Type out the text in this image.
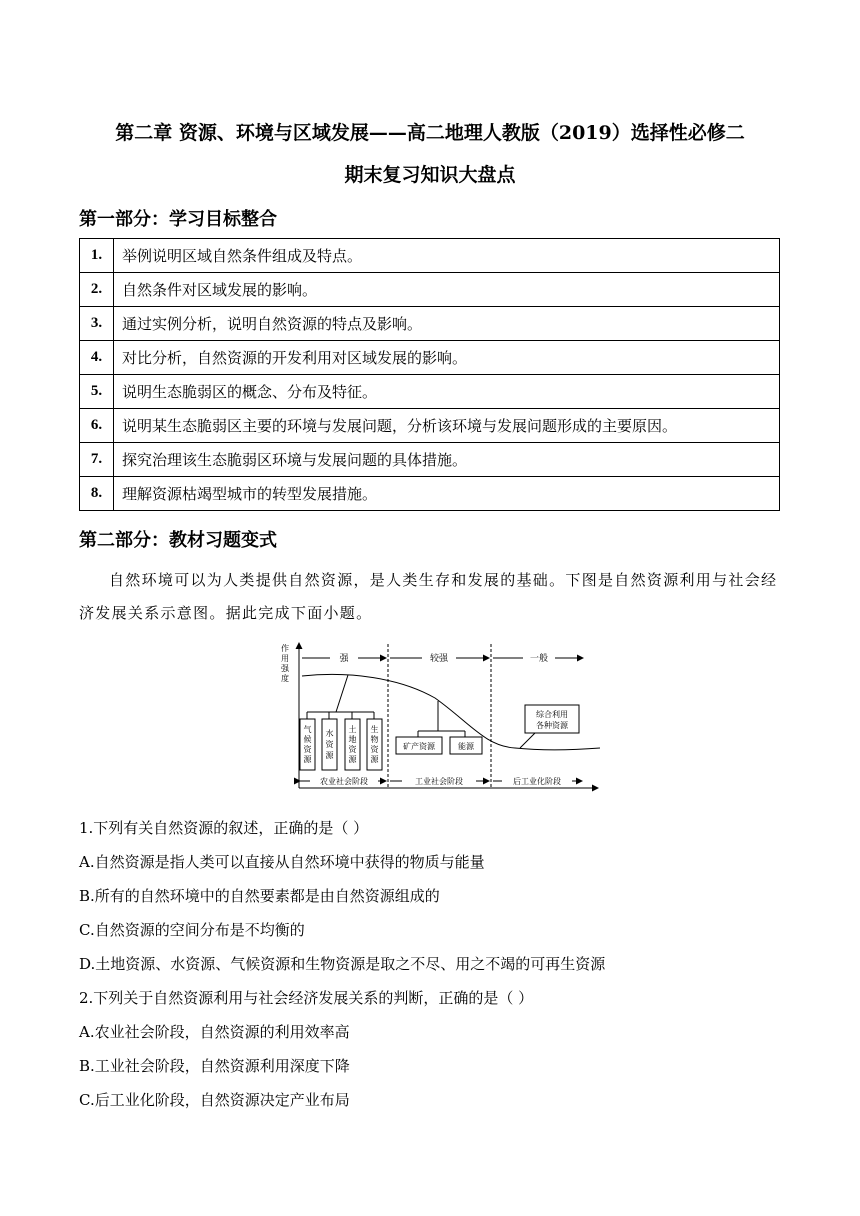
第二章 资源、环境与区域发展——高二地理人教版（2019）选择性必修二
期末复习知识大盘点
第一部分：学习目标整合
1.	举例说明区域自然条件组成及特点。
2.	自然条件对区域发展的影响。
3.	通过实例分析，说明自然资源的特点及影响。
4.	对比分析，自然资源的开发利用对区域发展的影响。
5.	说明生态脆弱区的概念、分布及特征。
6.	说明某生态脆弱区主要的环境与发展问题，分析该环境与发展问题形成的主要原因。
7.	探究治理该生态脆弱区环境与发展问题的具体措施。
8.	理解资源枯竭型城市的转型发展措施。
第二部分：教材习题变式
自然环境可以为人类提供自然资源，是人类生存和发展的基础。下图是自然资源利用与社会经济发展关系示意图。据此完成下面小题。
作
用
强
度
强	较强	一般
气
候
资
源
水
资
源
土
地
资
源
生
物
资
源
矿产资源	能源
综合利用
各种资源
农业社会阶段	工业社会阶段	后工业化阶段
1.下列有关自然资源的叙述，正确的是（ ）
A.自然资源是指人类可以直接从自然环境中获得的物质与能量
B.所有的自然环境中的自然要素都是由自然资源组成的
C.自然资源的空间分布是不均衡的
D.土地资源、水资源、气候资源和生物资源是取之不尽、用之不竭的可再生资源
2.下列关于自然资源利用与社会经济发展关系的判断，正确的是（ ）
A.农业社会阶段，自然资源的利用效率高
B.工业社会阶段，自然资源利用深度下降
C.后工业化阶段，自然资源决定产业布局
